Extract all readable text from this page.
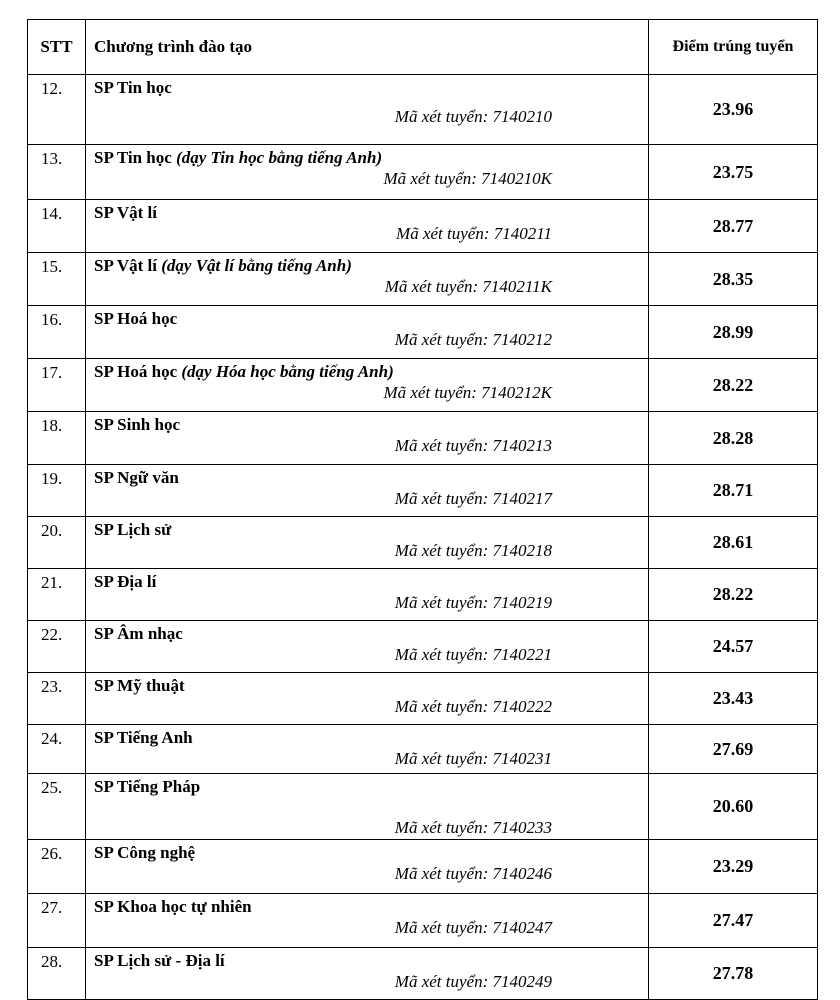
STT	Chương trình đào tạo	Điểm trúng tuyển
12.	SP Tin học
Mã xét tuyển: 7140210	23.96
13.	SP Tin học (dạy Tin học bằng tiếng Anh)
Mã xét tuyển: 7140210K	23.75
14.	SP Vật lí
Mã xét tuyển: 7140211	28.77
15.	SP Vật lí (dạy Vật lí bằng tiếng Anh)
Mã xét tuyển: 7140211K	28.35
16.	SP Hoá học
Mã xét tuyển: 7140212	28.99
17.	SP Hoá học (dạy Hóa học bằng tiếng Anh)
Mã xét tuyển: 7140212K	28.22
18.	SP Sinh học
Mã xét tuyển: 7140213	28.28
19.	SP Ngữ văn
Mã xét tuyển: 7140217	28.71
20.	SP Lịch sử
Mã xét tuyển: 7140218	28.61
21.	SP Địa lí
Mã xét tuyển: 7140219	28.22
22.	SP Âm nhạc
Mã xét tuyển: 7140221	24.57
23.	SP Mỹ thuật
Mã xét tuyển: 7140222	23.43
24.	SP Tiếng Anh
Mã xét tuyển: 7140231	27.69
25.	SP Tiếng Pháp
Mã xét tuyển: 7140233	20.60
26.	SP Công nghệ
Mã xét tuyển: 7140246	23.29
27.	SP Khoa học tự nhiên
Mã xét tuyển: 7140247	27.47
28.	SP Lịch sử - Địa lí
Mã xét tuyển: 7140249	27.78
